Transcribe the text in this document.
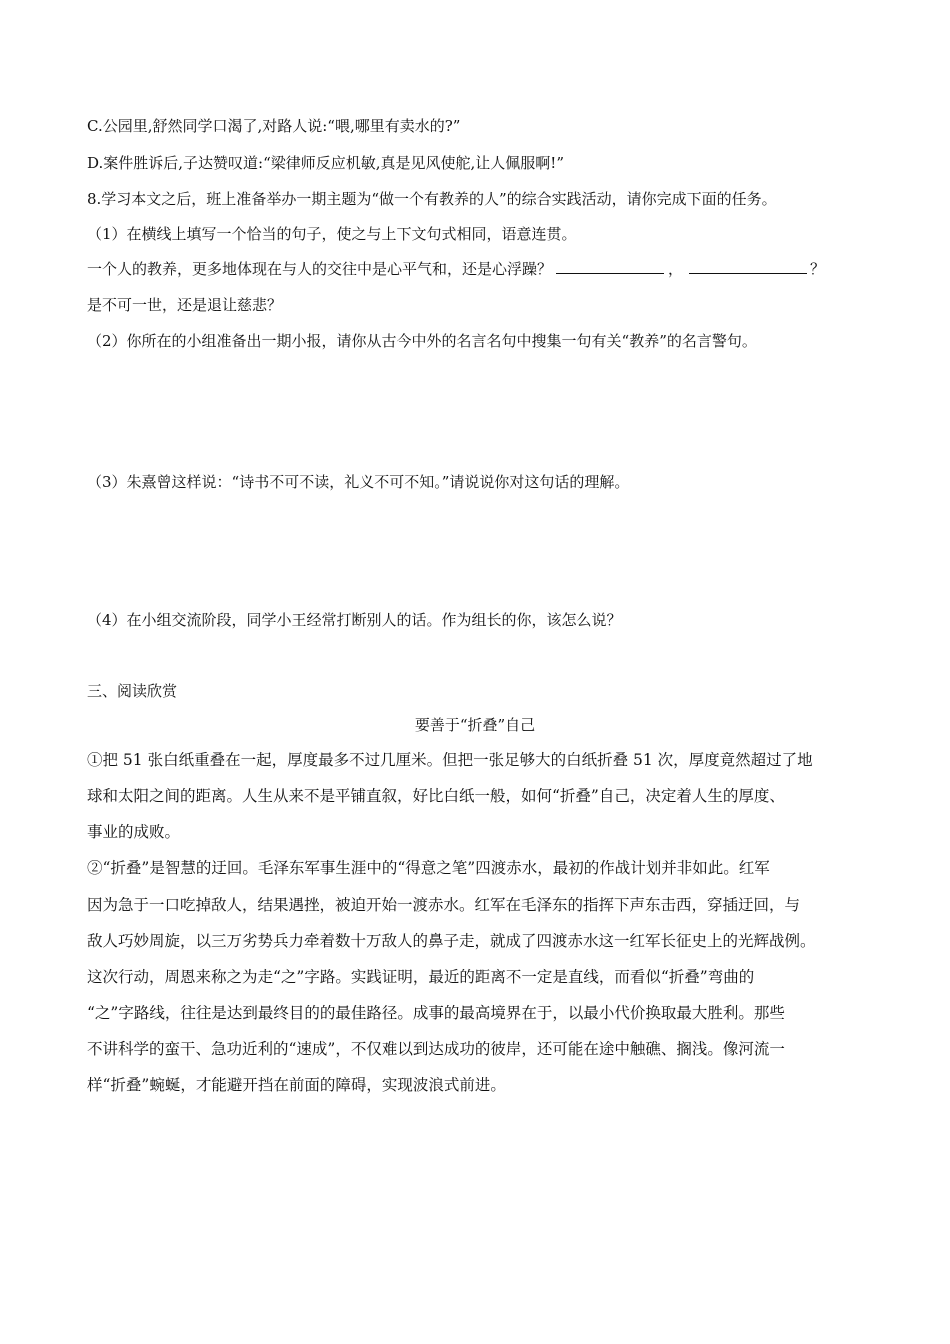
C.公园里,舒然同学口渴了,对路人说:“喂,哪里有卖水的?”
D.案件胜诉后,子达赞叹道:“梁律师反应机敏,真是见风使舵,让人佩服啊!”
8.学习本文之后，班上准备举办一期主题为“做一个有教养的人”的综合实践活动，请你完成下面的任务。
（1）在横线上填写一个恰当的句子，使之与上下文句式相同，语意连贯。
一个人的教养，更多地体现在与人的交往中是心平气和，还是心浮躁？	，	？
是不可一世，还是退让慈悲？
（2）你所在的小组准备出一期小报，请你从古今中外的名言名句中搜集一句有关“教养”的名言警句。
（3）朱熹曾这样说：“诗书不可不读，礼义不可不知。”请说说你对这句话的理解。
（4）在小组交流阶段，同学小王经常打断别人的话。作为组长的你，该怎么说？
三、阅读欣赏
要善于“折叠”自己
①把 51 张白纸重叠在一起，厚度最多不过几厘米。但把一张足够大的白纸折叠 51 次，厚度竟然超过了地
球和太阳之间的距离。人生从来不是平铺直叙，好比白纸一般，如何“折叠”自己，决定着人生的厚度、
事业的成败。
②“折叠”是智慧的迂回。毛泽东军事生涯中的“得意之笔”四渡赤水，最初的作战计划并非如此。红军
因为急于一口吃掉敌人，结果遇挫，被迫开始一渡赤水。红军在毛泽东的指挥下声东击西，穿插迂回，与
敌人巧妙周旋，以三万劣势兵力牵着数十万敌人的鼻子走，就成了四渡赤水这一红军长征史上的光辉战例。
这次行动，周恩来称之为走“之”字路。实践证明，最近的距离不一定是直线，而看似“折叠”弯曲的
“之”字路线，往往是达到最终目的的最佳路径。成事的最高境界在于，以最小代价换取最大胜利。那些
不讲科学的蛮干、急功近利的“速成”，不仅难以到达成功的彼岸，还可能在途中触礁、搁浅。像河流一
样“折叠”蜿蜒，才能避开挡在前面的障碍，实现波浪式前进。
